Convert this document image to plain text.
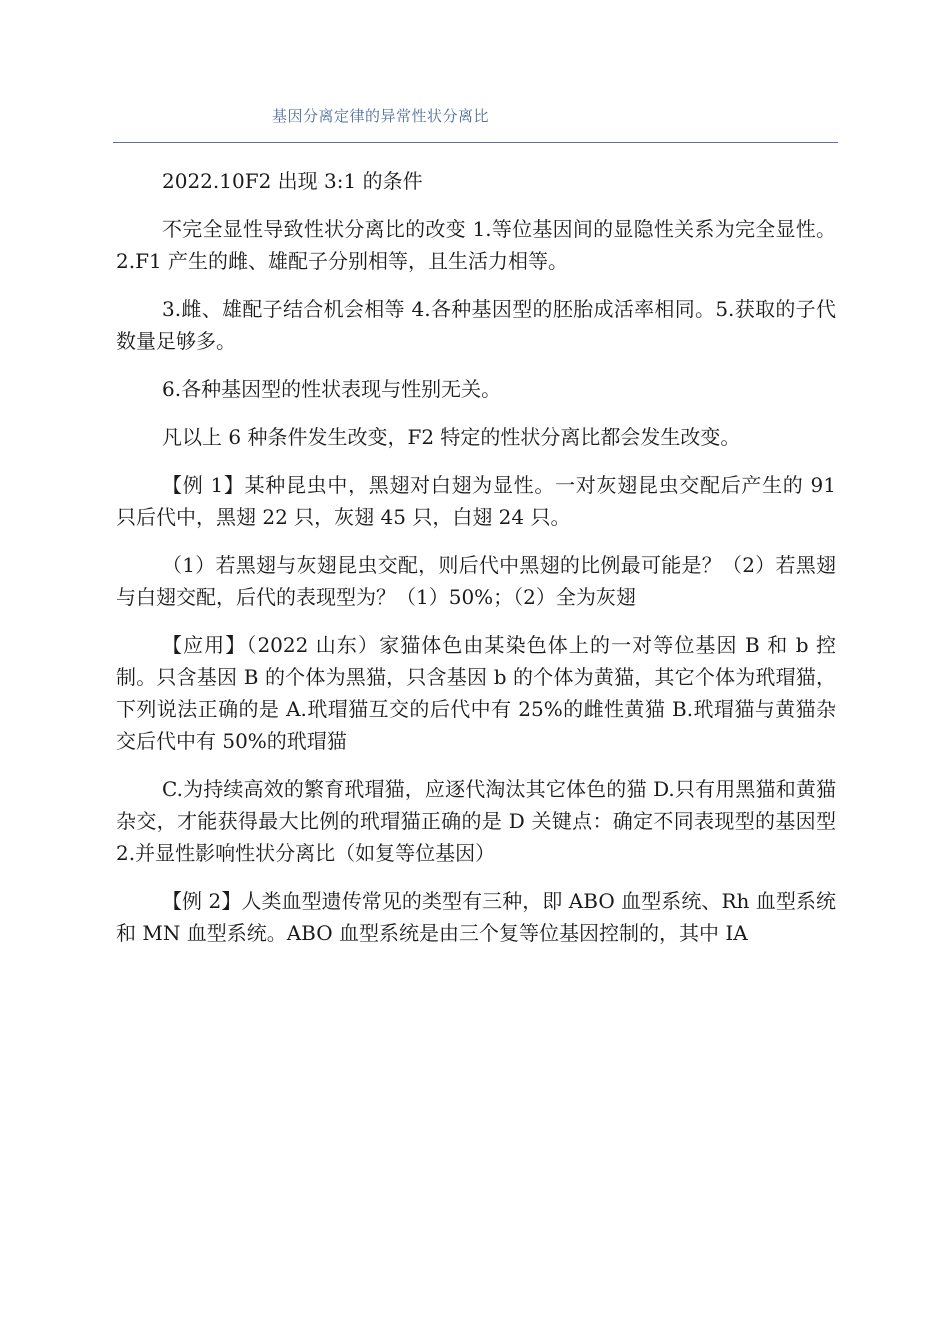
基因分离定律的异常性状分离比

2022.10F2 出现 3:1 的条件

不完全显性导致性状分离比的改变 1.等位基因间的显隐性关系为完全显性。2.F1 产生的雌、雄配子分别相等，且生活力相等。

3.雌、雄配子结合机会相等 4.各种基因型的胚胎成活率相同。5.获取的子代数量足够多。

6.各种基因型的性状表现与性别无关。

凡以上 6 种条件发生改变，F2 特定的性状分离比都会发生改变。

【例 1】某种昆虫中，黑翅对白翅为显性。一对灰翅昆虫交配后产生的 91 只后代中，黑翅 22 只，灰翅 45 只，白翅 24 只。

（1）若黑翅与灰翅昆虫交配，则后代中黑翅的比例最可能是？（2）若黑翅与白翅交配，后代的表现型为？（1）50%；（2）全为灰翅

【应用】（2022 山东）家猫体色由某染色体上的一对等位基因 B 和 b 控制。只含基因 B 的个体为黑猫，只含基因 b 的个体为黄猫，其它个体为玳瑁猫，下列说法正确的是 A.玳瑁猫互交的后代中有 25%的雌性黄猫 B.玳瑁猫与黄猫杂交后代中有 50%的玳瑁猫

C.为持续高效的繁育玳瑁猫，应逐代淘汰其它体色的猫 D.只有用黑猫和黄猫杂交，才能获得最大比例的玳瑁猫正确的是 D 关键点：确定不同表现型的基因型 2.并显性影响性状分离比（如复等位基因）

【例 2】人类血型遗传常见的类型有三种，即 ABO 血型系统、Rh 血型系统和 MN 血型系统。ABO 血型系统是由三个复等位基因控制的，其中 IA
